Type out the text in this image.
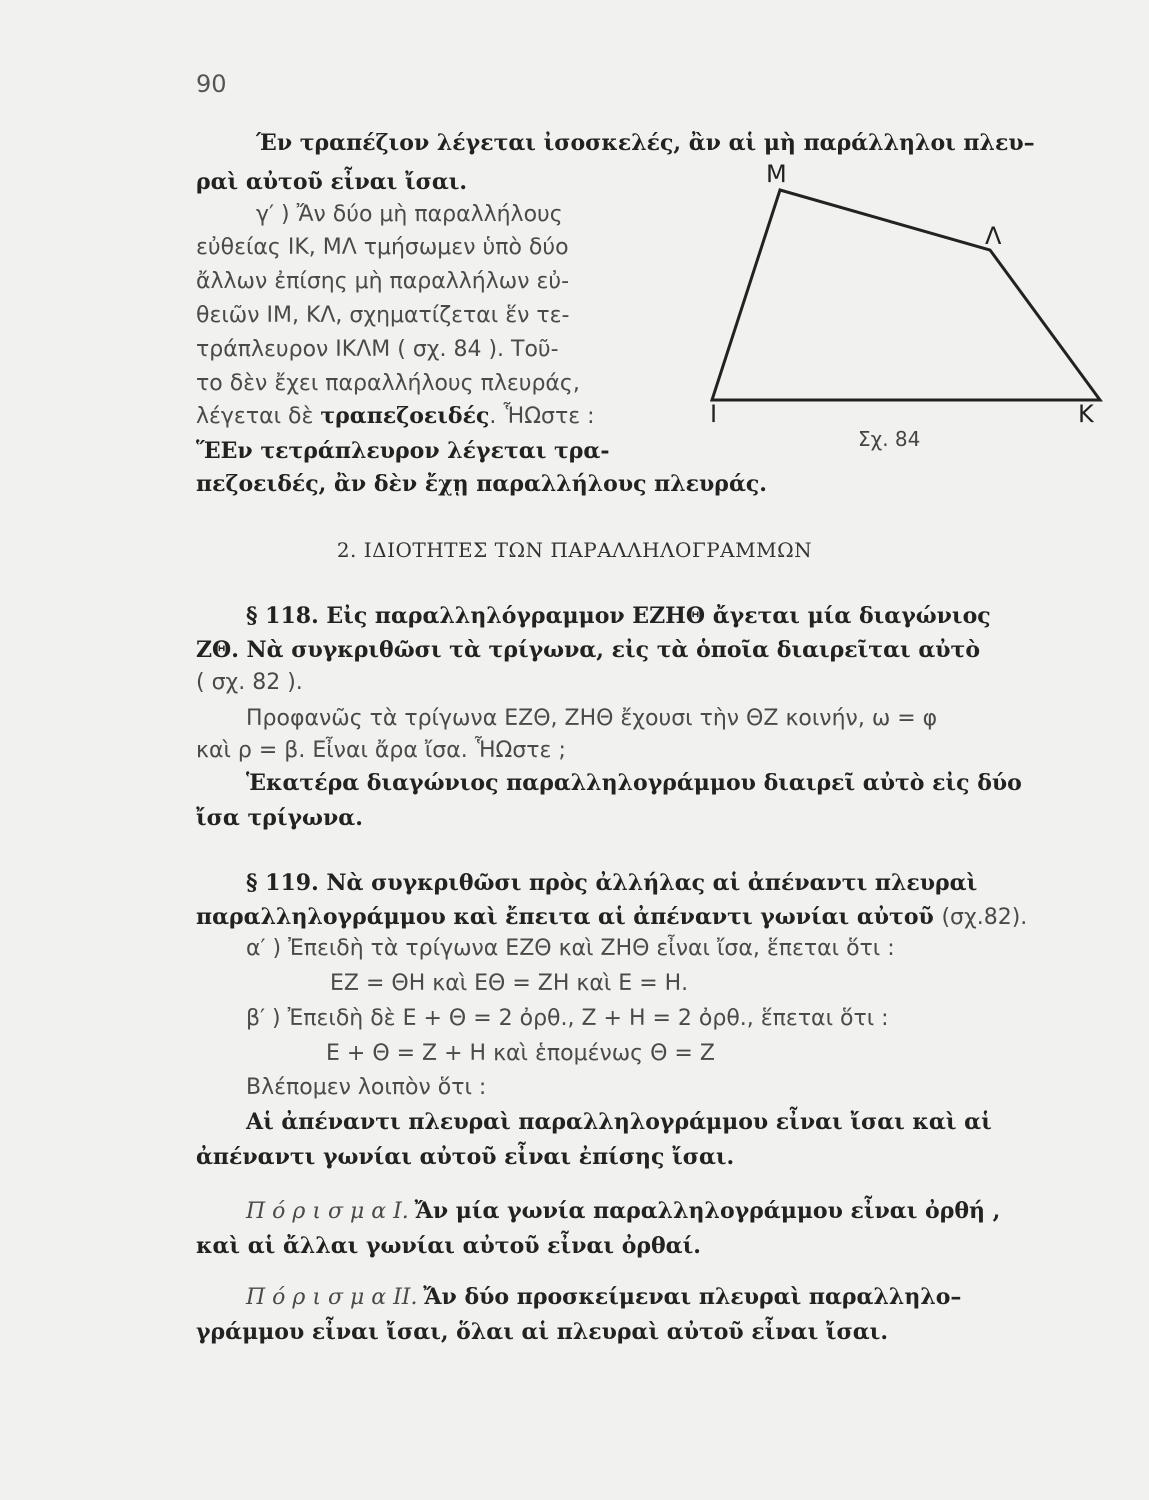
90
Έν τραπέζιον λέγεται ἰσοσκελές, ἂν αἱ μὴ παράλληλοι πλευ–
ραὶ αὐτοῦ εἶναι ἴσαι.
γ′ ) Ἄν δύο μὴ παραλλήλους
εὐθείας ΙΚ, ΜΛ τμήσωμεν ὑπὸ δύο
ἄλλων ἐπίσης μὴ παραλλήλων εὐ-
θειῶν ΙΜ, ΚΛ, σχηματίζεται ἕν τε-
τράπλευρον ΙΚΛΜ ( σχ. 84 ). Τοῦ-
το δὲν ἔχει παραλλήλους πλευράς,
λέγεται δὲ τραπεζοειδές. ἯΩστε :
ἝΕν τετράπλευρον λέγεται τρα-
πεζοειδές, ἂν δὲν ἔχῃ παραλλήλους πλευράς.
Μ
Λ
Ι	Κ
Σχ. 84
2. ΙΔΙΟΤΗΤΕΣ ΤΩΝ ΠΑΡΑΛΛΗΛΟΓΡΑΜΜΩΝ
§ 118. Εἰς παραλληλόγραμμον ΕΖΗΘ ἄγεται μία διαγώνιος
ΖΘ. Νὰ συγκριθῶσι τὰ τρίγωνα, εἰς τὰ ὁποῖα διαιρεῖται αὐτὸ
( σχ. 82 ).
Προφανῶς τὰ τρίγωνα ΕΖΘ, ΖΗΘ ἔχουσι τὴν ΘΖ κοινήν, ω = φ
καὶ ρ = β. Εἶναι ἄρα ἴσα. ἯΩστε ;
Ἑκατέρα διαγώνιος παραλληλογράμμου διαιρεῖ αὐτὸ εἰς δύο
ἴσα τρίγωνα.
§ 119. Νὰ συγκριθῶσι πρὸς ἀλλήλας αἱ ἀπέναντι πλευραὶ
παραλληλογράμμου καὶ ἔπειτα αἱ ἀπέναντι γωνίαι αὐτοῦ (σχ.82).
α′ ) Ἐπειδὴ τὰ τρίγωνα ΕΖΘ καὶ ΖΗΘ εἶναι ἴσα, ἕπεται ὅτι :
ΕΖ = ΘΗ καὶ ΕΘ = ΖΗ καὶ Ε = Η.
β′ ) Ἐπειδὴ δὲ Ε + Θ = 2 ὀρθ., Ζ + Η = 2 ὀρθ., ἕπεται ὅτι :
Ε + Θ = Ζ + Η καὶ ἑπομένως Θ = Ζ
Βλέπομεν λοιπὸν ὅτι :
Αἱ ἀπέναντι πλευραὶ παραλληλογράμμου εἶναι ἴσαι καὶ αἱ
ἀπέναντι γωνίαι αὐτοῦ εἶναι ἐπίσης ἴσαι.
Π ό ρ ι σ μ α I. Ἄν μία γωνία παραλληλογράμμου εἶναι ὀρθή ,
καὶ αἱ ἄλλαι γωνίαι αὐτοῦ εἶναι ὀρθαί.
Π ό ρ ι σ μ α II. Ἄν δύο προσκείμεναι πλευραὶ παραλληλο–
γράμμου εἶναι ἴσαι, ὅλαι αἱ πλευραὶ αὐτοῦ εἶναι ἴσαι.
